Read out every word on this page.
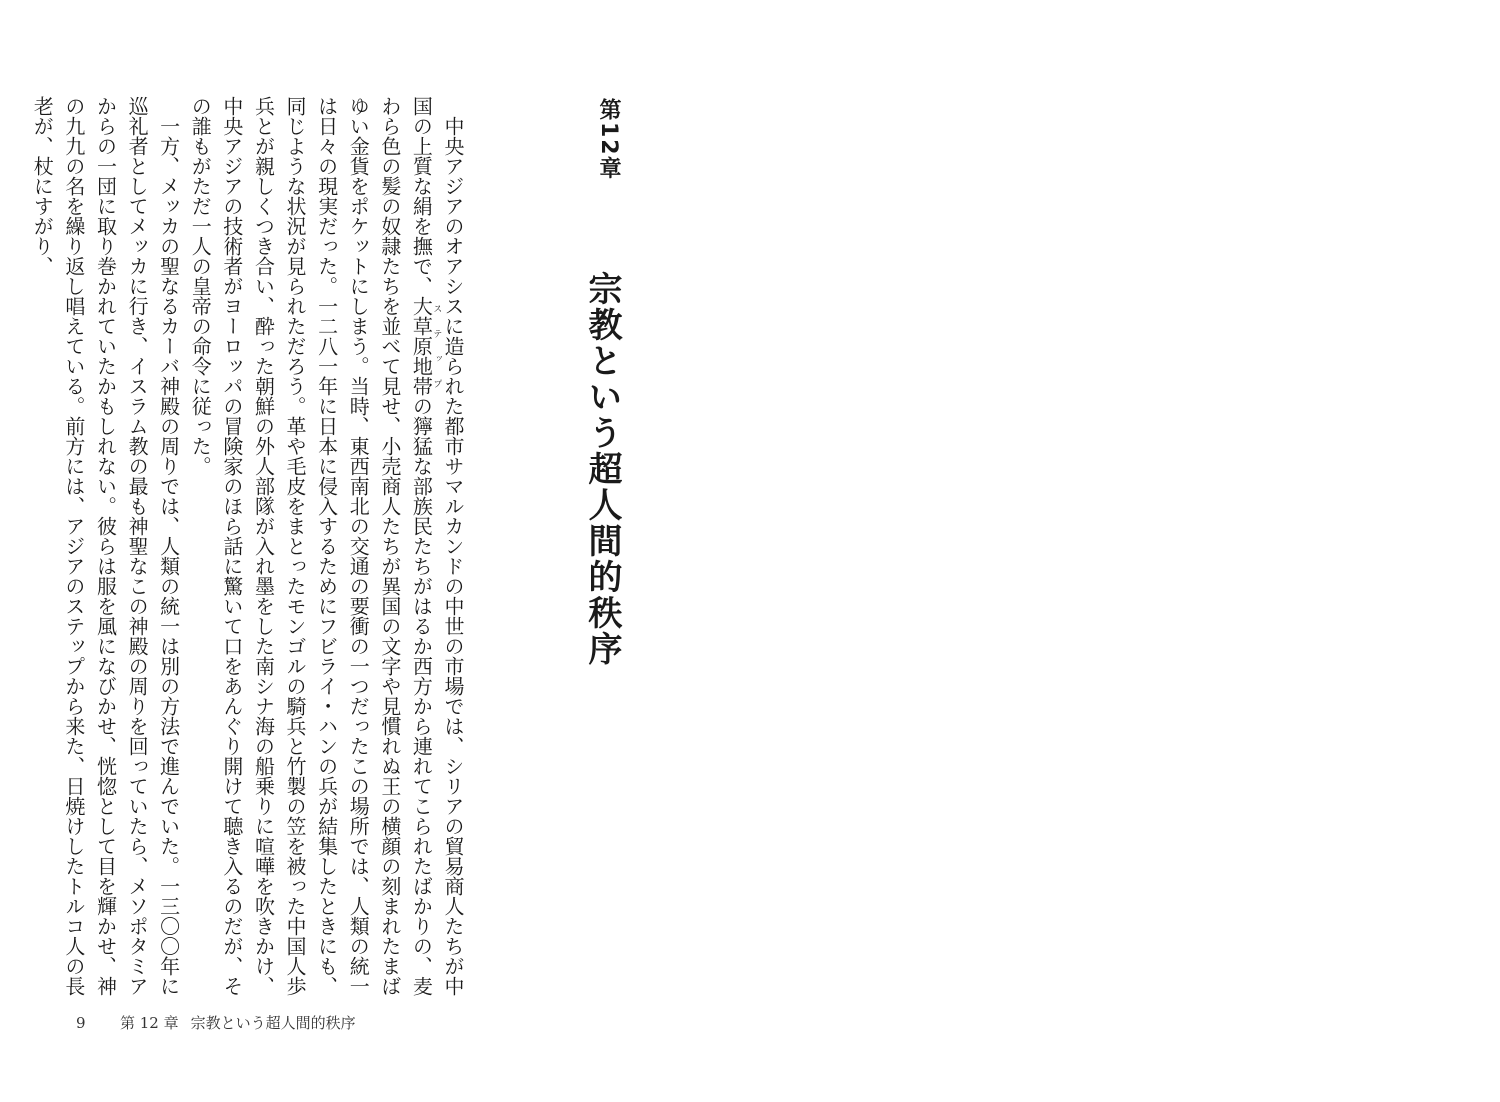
第12章
宗教という超人間的秩序

中央アジアのオアシスに造られた都市サマルカンドの中世の市場では、シリアの貿易商人たちが中国の上質な絹を撫で、大草原地帯ステップの獰猛な部族民たちがはるか西方から連れてこられたばかりの、麦わら色の髪の奴隷たちを並べて見せ、小売商人たちが異国の文字や見慣れぬ王の横顔の刻まれたまばゆい金貨をポケットにしまう。当時、東西南北の交通の要衝の一つだったこの場所では、人類の統一は日々の現実だった。一二八一年に日本に侵入するためにフビライ・ハンの兵が結集したときにも、同じような状況が見られただろう。革や毛皮をまとったモンゴルの騎兵と竹製の笠を被った中国人歩兵とが親しくつき合い、酔った朝鮮の外人部隊が入れ墨をした南シナ海の船乗りに喧嘩を吹きかけ、中央アジアの技術者がヨーロッパの冒険家のほら話に驚いて口をあんぐり開けて聴き入るのだが、その誰もがただ一人の皇帝の命令に従った。

一方、メッカの聖なるカーバ神殿の周りでは、人類の統一は別の方法で進んでいた。一三〇〇年に巡礼者としてメッカに行き、イスラム教の最も神聖なこの神殿の周りを回っていたら、メソポタミアからの一団に取り巻かれていたかもしれない。彼らは服を風になびかせ、恍惚として目を輝かせ、神の九九の名を繰り返し唱えている。前方には、アジアのステップから来た、日焼けしたトルコ人の長老が、杖にすがり、

9	第 12 章 宗教という超人間的秩序
